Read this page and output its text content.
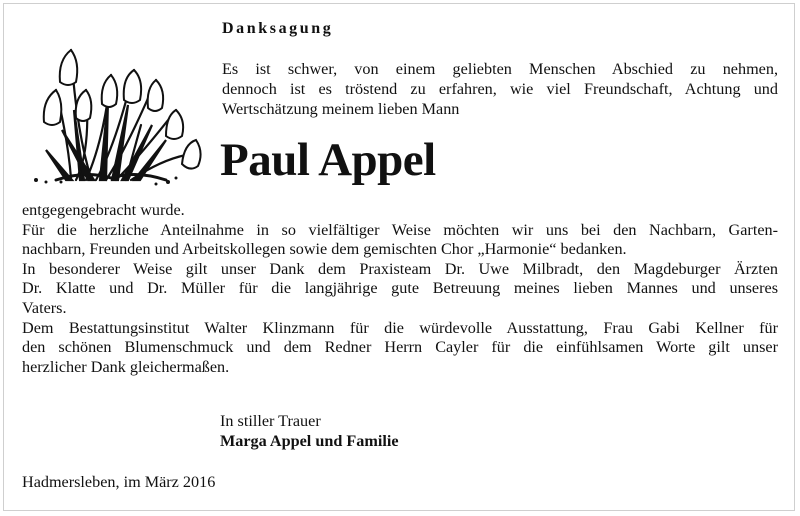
Danksagung
Es ist schwer, von einem geliebten Menschen Abschied zu nehmen,
dennoch ist es tröstend zu erfahren, wie viel Freundschaft, Achtung und
Wertschätzung meinem lieben Mann
Paul Appel
entgegengebracht wurde.
Für die herzliche Anteilnahme in so vielfältiger Weise möchten wir uns bei den Nachbarn, Garten-
nachbarn, Freunden und Arbeitskollegen sowie dem gemischten Chor „Harmonie“ bedanken.
In besonderer Weise gilt unser Dank dem Praxisteam Dr. Uwe Milbradt, den Magdeburger Ärzten
Dr. Klatte und Dr. Müller für die langjährige gute Betreuung meines lieben Mannes und unseres
Vaters.
Dem Bestattungsinstitut Walter Klinzmann für die würdevolle Ausstattung, Frau Gabi Kellner für
den schönen Blumenschmuck und dem Redner Herrn Cayler für die einfühlsamen Worte gilt unser
herzlicher Dank gleichermaßen.
In stiller Trauer
Marga Appel und Familie
Hadmersleben, im März 2016
